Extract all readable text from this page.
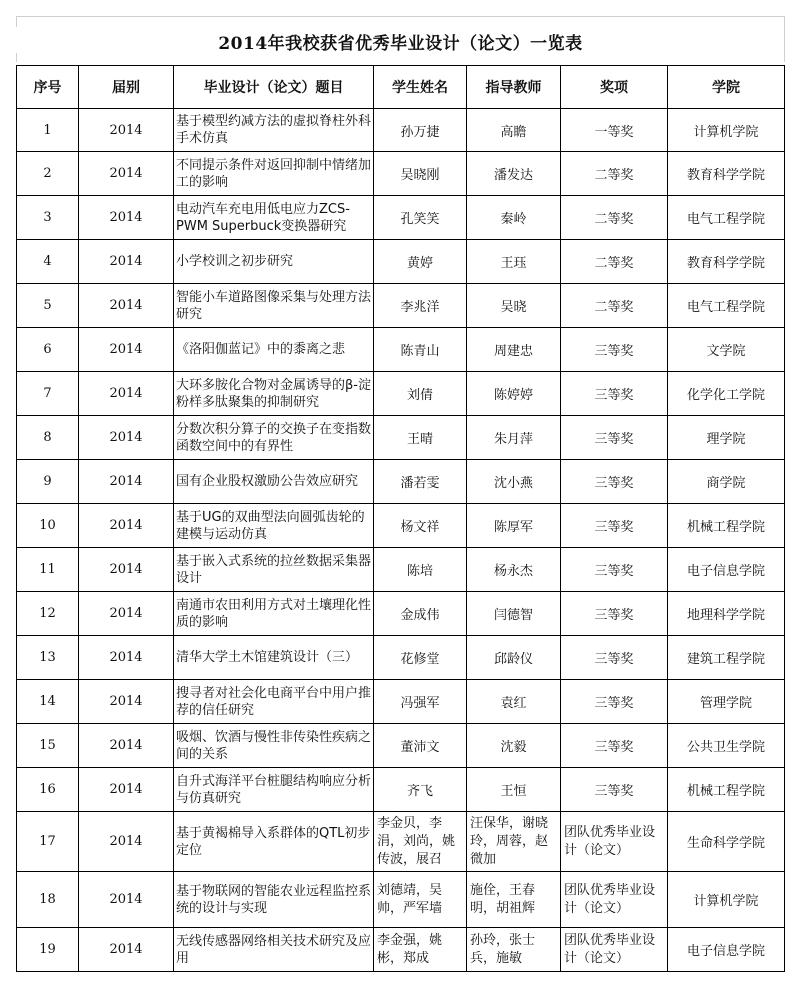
2014年我校获省优秀毕业设计（论文）一览表
序号	届别	毕业设计（论文）题目	学生姓名	指导教师	奖项	学院

1	2014	基于模型约减方法的虚拟脊柱外科手术仿真	孙万捷	高瞻	一等奖	计算机学院

2	2014	不同提示条件对返回抑制中情绪加工的影响	吴晓刚	潘发达	二等奖	教育科学学院

3	2014	电动汽车充电用低电应力ZCS-PWM Superbuck变换器研究	孔笑笑	秦岭	二等奖	电气工程学院

4	2014	小学校训之初步研究	黄婷	王珏	二等奖	教育科学学院

5	2014	智能小车道路图像采集与处理方法研究	李兆洋	吴晓	二等奖	电气工程学院

6	2014	《洛阳伽蓝记》中的黍离之悲	陈青山	周建忠	三等奖	文学院

7	2014	大环多胺化合物对金属诱导的β-淀粉样多肽聚集的抑制研究	刘倩	陈婷婷	三等奖	化学化工学院

8	2014	分数次积分算子的交换子在变指数函数空间中的有界性	王晴	朱月萍	三等奖	理学院

9	2014	国有企业股权激励公告效应研究	潘若雯	沈小燕	三等奖	商学院

10	2014	基于UG的双曲型法向圆弧齿轮的建模与运动仿真	杨文祥	陈厚军	三等奖	机械工程学院

11	2014	基于嵌入式系统的拉丝数据采集器设计	陈培	杨永杰	三等奖	电子信息学院

12	2014	南通市农田利用方式对土壤理化性质的影响	金成伟	闫德智	三等奖	地理科学学院

13	2014	清华大学土木馆建筑设计（三）	花修堂	邱龄仪	三等奖	建筑工程学院

14	2014	搜寻者对社会化电商平台中用户推荐的信任研究	冯强军	袁红	三等奖	管理学院

15	2014	吸烟、饮酒与慢性非传染性疾病之间的关系	董沛文	沈毅	三等奖	公共卫生学院

16	2014	自升式海洋平台桩腿结构响应分析与仿真研究	齐飞	王恒	三等奖	机械工程学院

17	2014	基于黄褐棉导入系群体的QTL初步定位	李金贝，李涓，刘尚，姚传波，展召	汪保华，谢晓玲，周蓉，赵微加	团队优秀毕业设计（论文）	生命科学学院

18	2014	基于物联网的智能农业远程监控系统的设计与实现	刘德靖，吴帅，严军墙	施佺，王春明，胡祖辉	团队优秀毕业设计（论文）	计算机学院

19	2014	无线传感器网络相关技术研究及应用	李金强，姚彬，郑成	孙玲，张士兵，施敏	团队优秀毕业设计（论文）	电子信息学院
